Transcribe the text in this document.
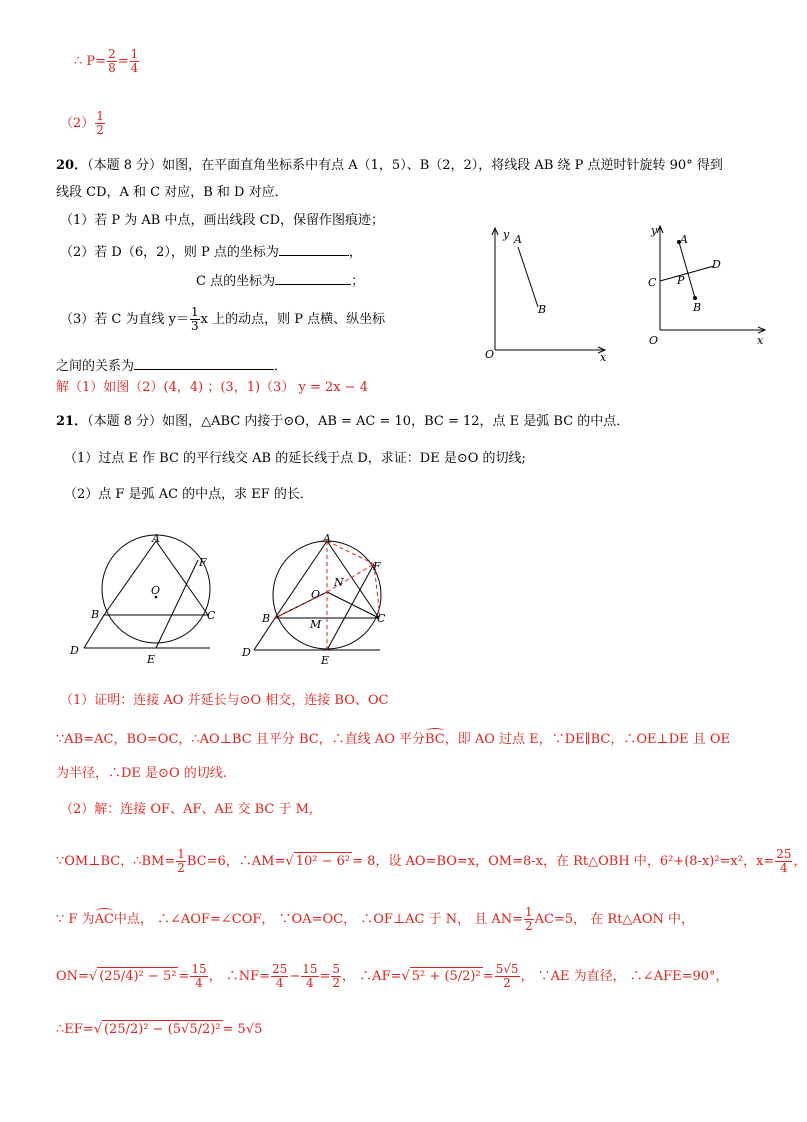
∴ $P= \frac{2}{8} = \frac{1}{4}$
$(2) \frac{1}{2}$
20．（本题 8 分）如图，在平面直角坐标系中有点 A（1，5）、B（2，2），将线段 AB 绕 P 点逆时针旋转 90° 得到
线段 CD，A 和 C 对应，B 和 D 对应．
（1）若 P 为 AB 中点，画出线段 CD，保留作图痕迹；
（2）若 D（6，2），则 P 点的坐标为	，
C 点的坐标为	；
（3）若 C 为直线 $y= \frac{1}{3}$ x 上的动点，则 P 点横、纵坐标
之间的关系为	．
解（1）如图（2）(4，4) ；(3，1)（3） y = 2x − 4
y
x
O
A
B
y
x
O
A
B
C
D
P
21．（本题 8 分）如图，△ABC 内接于⊙O，AB = AC = 10，BC = 12，点 E 是弧 BC 的中点．
（1）过点 E 作 BC 的平行线交 AB 的延长线于点 D，求证：DE 是⊙O 的切线;
（2）点 F 是弧 AC 的中点，求 EF 的长．
A
B	C
D
E
F
O
A
B	C
D
E
F
O
M
N
（1）证明：连接 AO 并延长与⊙O 相交，连接 BO、OC
∵AB=AC，BO=OC，∴AO⊥BC 且平分 BC，∴直线 AO 平分BC，即 AO 过点 E，∵DE∥BC，∴OE⊥DE 且 OE
为半径，∴DE 是⊙O 的切线.
（2）解：连接 OF、AF、AE 交 BC 于 M,
∵OM⊥BC，∴BM= $\frac{1}{2} BC=6$，∴AM=√ 10² − 6² = 8，设 AO=BO=x，OM=8-x，在 Rt△OBH 中，6²+(8-x)²=x²，$x= \frac{25}{4}$ ，
∵ F 为AC中点， ∴∠AOF=∠COF， ∵OA=OC， ∴OF⊥AC 于 N， 且 $AN= \frac{1}{2} AC=5$， 在 Rt△AON 中，
ON=√ $(25/4)^2 - 5^2 = \frac{15}{4}$ ， ∴NF= $\frac{25}{4} - \frac{15}{4} = \frac{5}{2}$ ， ∴AF=√ $5^2 + (5/2)^2 = \frac{5√5}{2}$ ， ∵AE 为直径， ∴∠AFE=90°，
∴EF=√ (25/2)² − (5√5/2)² = 5√5
